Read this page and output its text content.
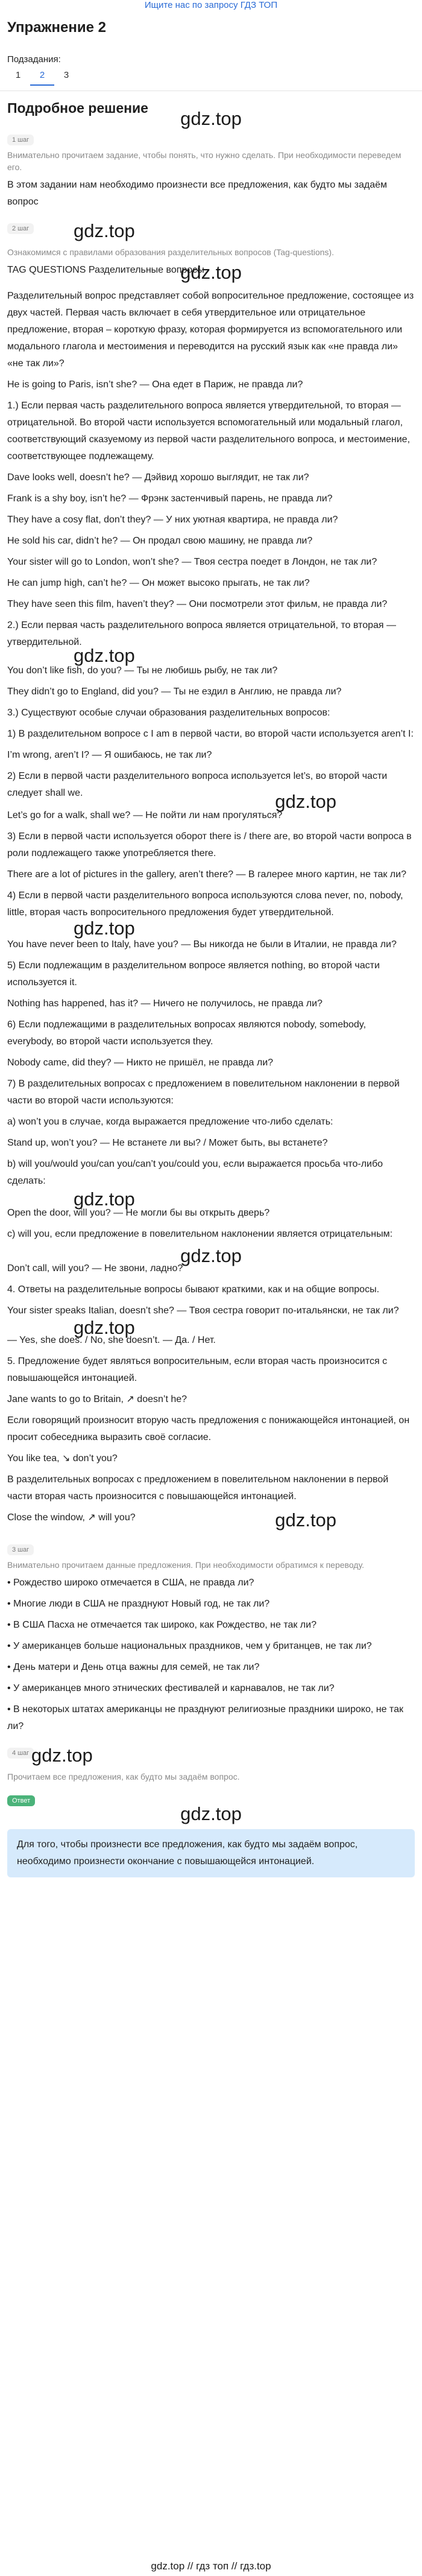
Ищите нас по запросу ГДЗ ТОП
Упражнение 2
Подзадания:
1	2	3
Подробное решение	gdz.top
1 шаг
Внимательно прочитаем задание, чтобы понять, что нужно сделать. При необходимости переведем его.
В этом задании нам необходимо произнести все предложения, как будто мы задаём вопрос
2 шаг	gdz.top
Ознакомимся с правилами образования разделительных вопросов (Tag-questions).
TAG QUESTIONS Разделительные вопросы
gdz.top
Разделительный вопрос представляет собой вопросительное предложение, состоящее из двух частей. Первая часть включает в себя утвердительное или отрицательное предложение, вторая – короткую фразу, которая формируется из вспомогательного или модального глагола и местоимения и переводится на русский язык как «не правда ли» «не так ли»?
He is going to Paris, isn’t she? — Она едет в Париж, не правда ли?
1.) Если первая часть разделительного вопроса является утвердительной, то вторая — отрицательной. Во второй части используется вспомогательный или модальный глагол, соответствующий сказуемому из первой части разделительного вопроса, и местоимение, соответствующее подлежащему.
Dave looks well, doesn’t he? — Дэйвид хорошо выглядит, не так ли?
Frank is a shy boy, isn’t he? — Фрэнк застенчивый парень, не правда ли?
They have a cosy flat, don’t they? — У них уютная квартира, не правда ли?
He sold his car, didn’t he? — Он продал свою машину, не правда ли?
Your sister will go to London, won’t she? — Твоя сестра поедет в Лондон, не так ли?
He can jump high, can’t he? — Он может высоко прыгать, не так ли?
They have seen this film, haven’t they? — Они посмотрели этот фильм, не правда ли?
2.) Если первая часть разделительного вопроса является отрицательной, то вторая — утвердительной.
gdz.top
You don’t like fish, do you? — Ты не любишь рыбу, не так ли?
They didn’t go to England, did you? — Ты не ездил в Англию, не правда ли?
3.) Существуют особые случаи образования разделительных вопросов:
1) В разделительном вопросе с I am в первой части, во второй части используется aren’t I:
I’m wrong, aren’t I? — Я ошибаюсь, не так ли?
2) Если в первой части разделительного вопроса используется let’s, во второй части следует shall we.	gdz.top
Let’s go for a walk, shall we? — Не пойти ли нам прогуляться?
3) Если в первой части используется оборот there is / there are, во второй части вопроса в роли подлежащего также употребляется there.
There are a lot of pictures in the gallery, aren’t there? — В галерее много картин, не так ли?
4) Если в первой части разделительного вопроса используются слова never, no, nobody, little, вторая часть вопросительного предложения будет утвердительной.
gdz.top
You have never been to Italy, have you? — Вы никогда не были в Италии, не правда ли?
5) Если подлежащим в разделительном вопросе является nothing, во второй части используется it.
Nothing has happened, has it? — Ничего не получилось, не правда ли?
6) Если подлежащими в разделительных вопросах являются nobody, somebody, everybody, во второй части используется they.
Nobody came, did they? — Никто не пришёл, не правда ли?
7) В разделительных вопросах с предложением в повелительном наклонении в первой части во второй части используются:
a) won’t you в случае, когда выражается предложение что-либо сделать:
Stand up, won’t you? — Не встанете ли вы? / Может быть, вы встанете?
b) will you/would you/can you/can’t you/could you, если выражается просьба что-либо сделать:
gdz.top
Open the door, will you? — Не могли бы вы открыть дверь?
c) will you, если предложение в повелительном наклонении является отрицательным:
gdz.top
Don’t call, will you? — Не звони, ладно?
4. Ответы на разделительные вопросы бывают краткими, как и на общие вопросы.
Your sister speaks Italian, doesn’t she? — Твоя сестра говорит по-итальянски, не так ли?
gdz.top
— Yes, she does. / No, she doesn’t. — Да. / Нет.
5. Предложение будет являться вопросительным, если вторая часть произносится с повышающейся интонацией.
Jane wants to go to Britain, ↗ doesn’t he?
Если говорящий произносит вторую часть предложения с понижающейся интонацией, он просит собеседника выразить своё согласие.
You like tea, ↘ don’t you?
В разделительных вопросах с предложением в повелительном наклонении в первой части вторая часть произносится с повышающейся интонацией.
Close the window, ↗ will you?	gdz.top
3 шаг
Внимательно прочитаем данные предложения. При необходимости обратимся к переводу.
• Рождество широко отмечается в США, не правда ли?
• Многие люди в США не празднуют Новый год, не так ли?
• В США Пасха не отмечается так широко, как Рождество, не так ли?
• У американцев больше национальных праздников, чем у британцев, не так ли?
• День матери и День отца важны для семей, не так ли?
• У американцев много этнических фестивалей и карнавалов, не так ли?
• В некоторых штатах американцы не празднуют религиозные праздники широко, не так ли?
4 шаг gdz.top
Прочитаем все предложения, как будто мы задаём вопрос.
Ответ
gdz.top
Для того, чтобы произнести все предложения, как будто мы задаём вопрос, необходимо произнести окончание с повышающейся интонацией.
gdz.top // гдз топ // гдз.top
